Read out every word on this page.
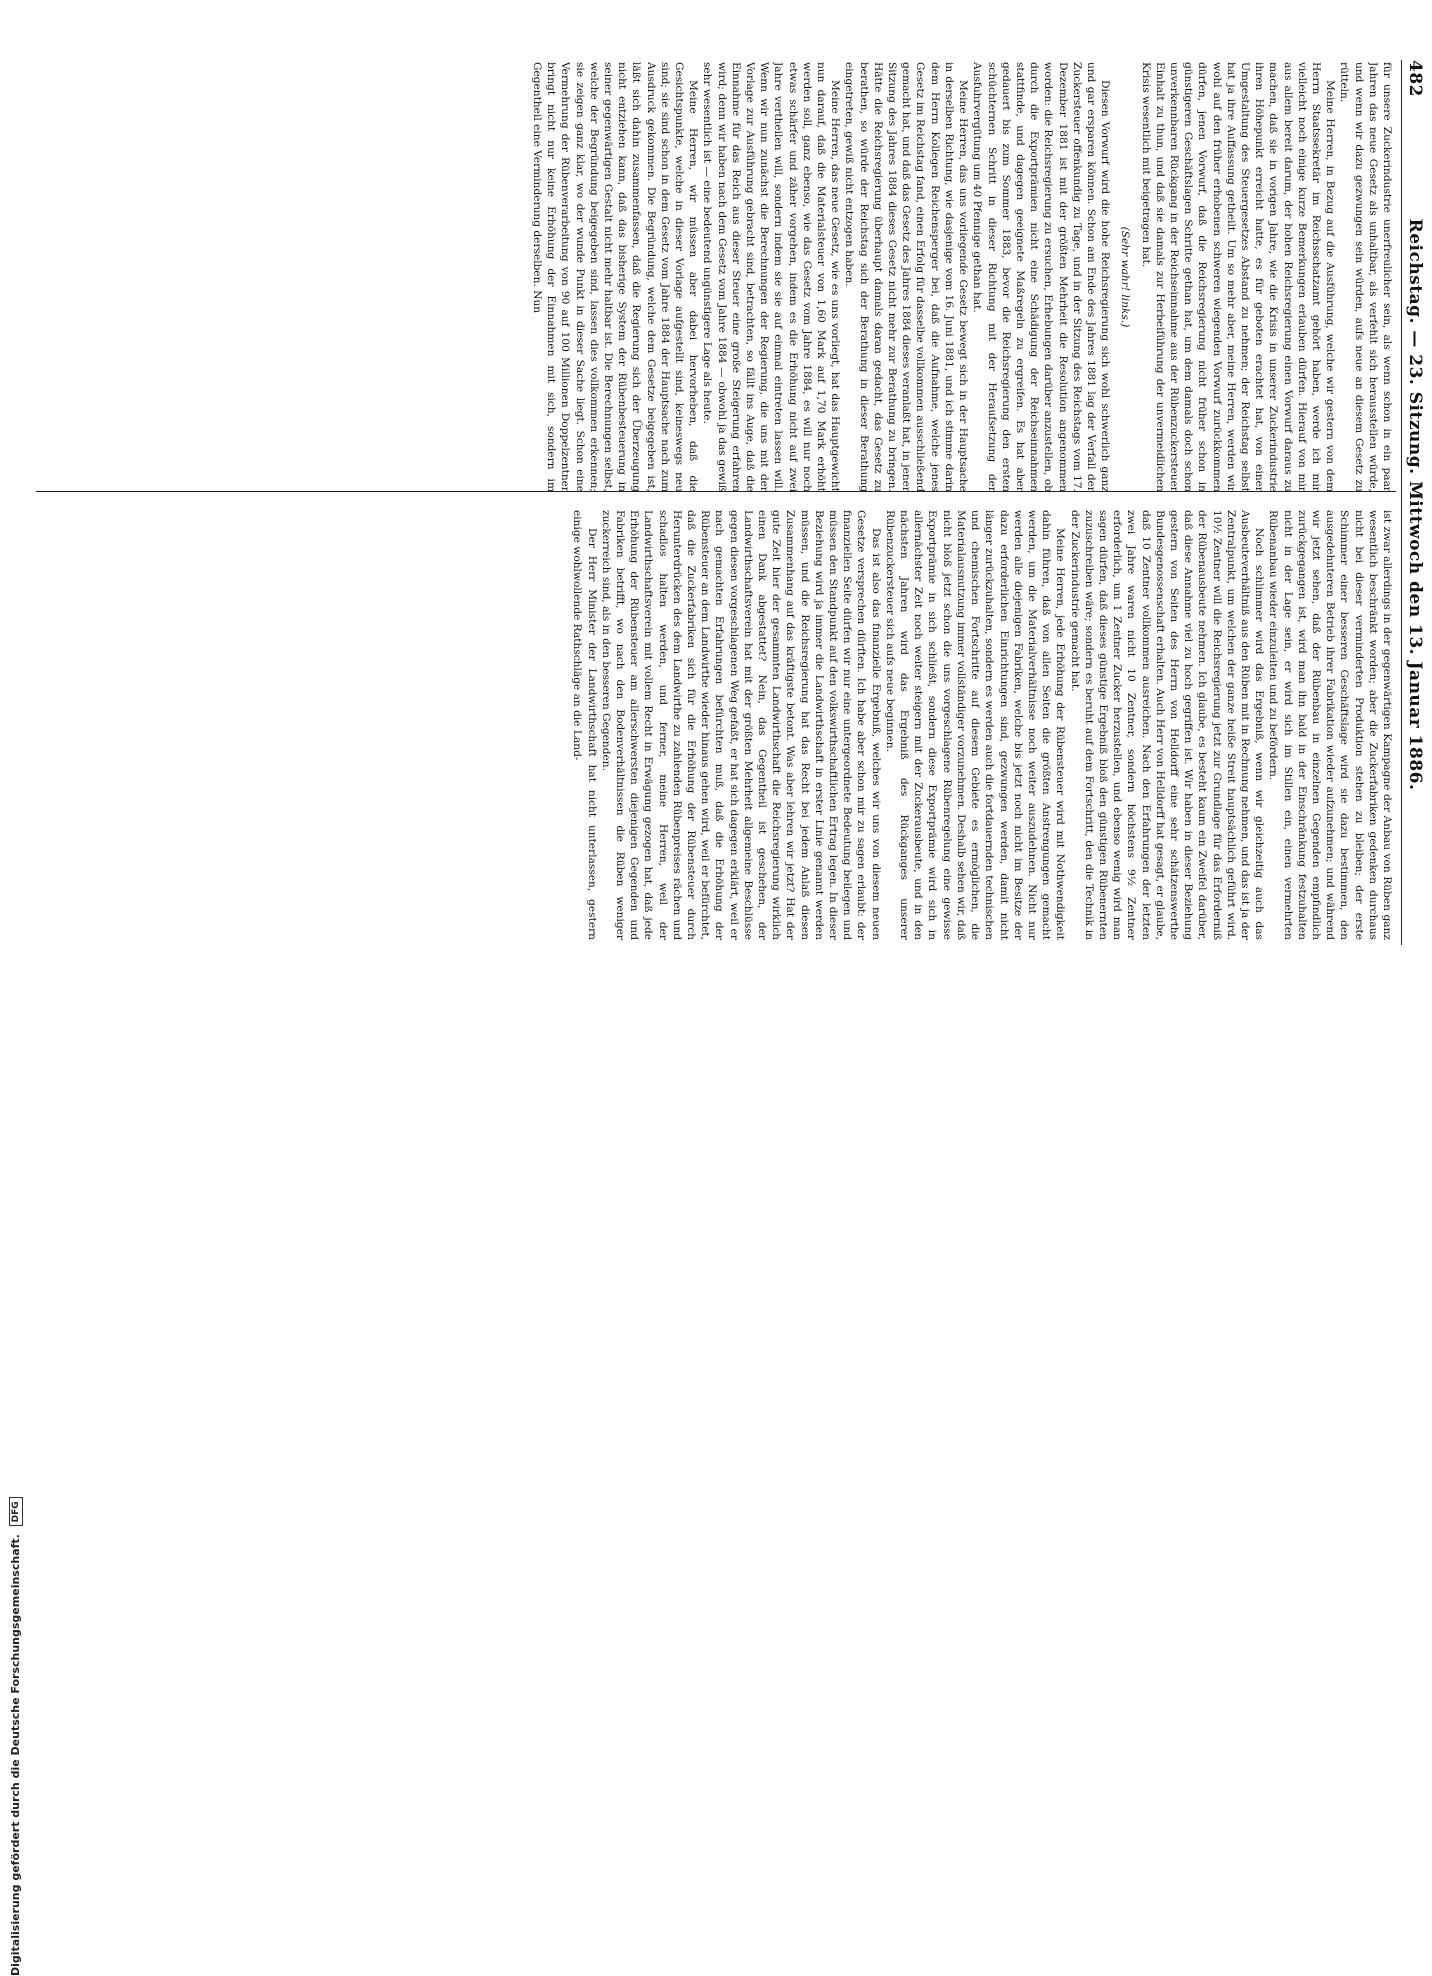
482
Reichstag. — 23. Sitzung. Mittwoch den 13. Januar 1886.

für unsere Zuckerindustrie unerfreulicher sein, als wenn schon in ein paar Jahren das neue Gesetz als unhaltbar, als verfehlt sich herausstellen würde, und wenn wir dazu gezwungen sein würden, aufs neue an diesem Gesetz zu rütteln.

Meine Herren, in Bezug auf die Ausführung, welche wir gestern von dem Herrn Staatssekretär im Reichsschatzamt gehört haben, werde ich mir vielleicht noch einige kurze Bemerkungen erlauben dürfen. Hierauf von mir aus allem bereit darum, der hohen Reichsregierung einen Vorwurf daraus zu machen, daß sie in vorigen Jahre, wie die Krisis in unserer Zuckerindustrie ihren Höhepunkt erreicht hatte, es für geboten erachtet hat, von einer Umgestaltung des Steuergesetzes Abstand zu nehmen; der Reichstag selbst hat ja ihre Auffassung getheilt. Um so mehr aber, meine Herren, werden wir wohl auf den früher erhobenen schweren wiegenden Vorwurf zurückkommen dürfen, jenen Vorwurf, daß die Reichsregierung nicht früher schon in günstigeren Geschäftslagen Schritte gethan hat, um dem damals doch schon unverkennbaren Rückgang in der Reichseinnahme aus der Rübenzuckersteuer Einhalt zu thun, und daß sie damals zur Herbeiführung der unvermeidlichen Krisis wesentlich mit beigetragen hat.

(Sehr wahr! links.)

Diesen Vorwurf wird die hohe Reichsregierung sich wohl schwerlich ganz und gar ersparen können. Schon am Ende des Jahres 1881 lag der Verfall der Zuckersteuer offenkundig zu Tage, und in der Sitzung des Reichstags vom 17. Dezember 1881 ist mit der größten Mehrheit die Resolution angenommen worden: die Reichsregierung zu ersuchen, Erhebungen darüber anzustellen, ob durch die Exportprämien nicht eine Schädigung der Reichseinnahmen stattfinde, und dagegen geeignete Maßregeln zu ergreifen. Es hat aber gedauert bis zum Sommer 1883, bevor die Reichsregierung den ersten schüchternen Schritt in dieser Richtung mit der Heraufsetzung der Ausfuhrvergütung um 40 Pfennige gethan hat.

Meine Herren, das uns vorliegende Gesetz bewegt sich in der Hauptsache in derselben Richtung, wie dasjenige vom 16. Juni 1881, und ich stimme darin dem Herrn Kollegen Reichensperger bei, daß die Aufnahme, welche jenes Gesetz im Reichstag fand, einen Erfolg für dasselbe vollkommen ausschließend gemacht hat, und daß das Gesetz des Jahres 1884 dieses veranlaßt hat, in jener Sitzung des Jahres 1884 dieses Gesetz nicht mehr zur Berathung zu bringen. Hätte die Reichsregierung überhaupt damals daran gedacht, das Gesetz zu berathen, so würde der Reichstag sich der Berathung in dieser Berathung eingetreten, gewiß nicht entzogen haben.

Meine Herren, das neue Gesetz, wie es uns vorliegt, hat das Hauptgewicht nun darauf, daß die Materialsteuer von 1,60 Mark auf 1,70 Mark erhöht werden soll, ganz ebenso, wie das Gesetz vom Jahre 1884, es will nur noch etwas schärfer und zäher vorgehen, indem es die Erhöhung nicht auf zwei Jahre vertheilen will, sondern indem sie sie auf einmal eintreten lassen will. Wenn wir nun zunächst die Berechnungen der Regierung, die uns mit der Vorlage zur Ausführung gebracht sind, betrachten, so fällt ins Auge, daß die Einnahme für das Reich aus dieser Steuer eine große Steigerung erfahren wird; denn wir haben nach dem Gesetz vom Jahre 1884 — obwohl ja das gewiß sehr wesentlich ist — eine bedeutend ungünstigere Lage als heute.

Meine Herren, wir müssen aber dabei hervorheben, daß die Gesichtspunkte, welche in dieser Vorlage aufgestellt sind, keineswegs neu sind; sie sind schon in dem Gesetz vom Jahre 1884 der Hauptsache nach zum Ausdruck gekommen. Die Begründung, welche dem Gesetze beigegeben ist, läßt sich dahin zusammenfassen, daß die Regierung sich der Überzeugung nicht entziehen kann, daß das bisherige System der Rübenbesteuerung in seiner gegenwärtigen Gestalt nicht mehr haltbar ist. Die Berechnungen selbst, welche der Begründung beigegeben sind, lassen dies vollkommen erkennen; sie zeigen ganz klar, wo der wunde Punkt in dieser Sache liegt. Schon eine Vermehrung der Rübenverarbeitung von 90 auf 100 Millionen Doppelzentner bringt nicht nur keine Erhöhung der Einnahmen mit sich, sondern im Gegentheil eine Verminderung derselben. Nun

ist zwar allerdings in der gegenwärtigen Kampagne der Anbau von Rüben ganz wesentlich beschränkt worden; aber die Zuckerfabriken gedenken durchaus nicht bei dieser verminderten Produktion stehen zu bleiben; der erste Schimmer einer besseren Geschäftslage wird sie dazu bestimmen, den ausgedehnteren Betrieb ihrer Fabrikation wieder aufzunehmen; und während wir jetzt sehen, daß der Rübenbau in einzelnen Gegenden empfindlich zurückgegangen ist, wird man ihn bald in der Einschränkung festzuhalten nicht in der Lage sein, er wird sich im Stillen ein, einen vermehrten Rübenanbau wieder einzuleiten und zu befördern.

Noch schlimmer wird das Ergebniß, wenn wir gleichzeitig auch das Ausbeuteverhältniß aus den Rüben mit in Rechnung nehmen, und das ist ja der Zentralpunkt, um welchen der ganze heiße Streit hauptsächlich geführt wird. 10½ Zentner will die Reichsregierung jetzt zur Grundlage für das Erforderniß der Rübenausbeute nehmen. Ich glaube, es besteht kaum ein Zweifel darüber, daß diese Annahme viel zu hoch gegriffen ist. Wir haben in dieser Beziehung gestern von Seiten des Herrn von Helldorff eine sehr schätzenswerthe Bundesgenossenschaft erhalten. Auch Herr von Helldorff hat gesagt, er glaube, daß 10 Zentner vollkommen ausreichen. Nach den Erfahrungen der letzten zwei Jahre waren nicht 10 Zentner, sondern höchstens 9½ Zentner erforderlich, um 1 Zentner Zucker herzustellen, und ebenso wenig wird man sagen dürfen, daß dieses günstige Ergebniß bloß den günstigen Rübenernten zuzuschreiben wäre; sondern es beruht auf dem Fortschritt, den die Technik in der Zuckerindustrie gemacht hat.

Meine Herren, jede Erhöhung der Rübensteuer wird mit Nothwendigkeit dahin führen, daß von allen Seiten die größten Anstrengungen gemacht werden, um die Materialverhältnisse noch weiter auszudehnen. Nicht nur werden alle diejenigen Fabriken, welche bis jetzt noch nicht im Besitze der dazu erforderlichen Einrichtungen sind, gezwungen werden, damit nicht länger zurückzuhalten, sondern es werden auch die fortdauernden technischen und chemischen Fortschritte auf diesem Gebiete es ermöglichen, die Materialausnutzung immer vollständiger vorzunehmen. Deshalb sehen wir, daß nicht bloß jetzt schon die uns vorgeschlagene Rübenregelung eine gewisse Exportprämie in sich schließt, sondern diese Exportprämie wird sich in allernächster Zeit noch weiter steigern mit der Zuckerausbeute, und in den nächsten Jahren wird das Ergebniß des Rückganges unserer Rübenzuckersteuer sich aufs neue beginnen.

Das ist also das finanzielle Ergebniß, welches wir uns von diesem neuen Gesetze versprechen dürften. Ich habe aber schon mir zu sagen erlaubt: der finanziellen Seite dürfen wir nur eine untergeordnete Bedeutung beilegen und müssen den Standpunkt auf den volkswirthschaftlichen Ertrag legen. In dieser Beziehung wird ja immer die Landwirthschaft in erster Linie genannt werden müssen, und die Reichsregierung hat das Recht bei jedem Anlaß diesen Zusammenhang auf das kräftigste betont. Was aber lehren wir jetzt? Hat der gute Zeit hier der gesammten Landwirthschaft die Reichsregierung wirklich einen Dank abgestattet? Nein, das Gegentheil ist geschehen, der Landwirthschaftsverein hat mit der größten Mehrheit allgemeine Beschlüsse gegen diesen vorgeschlagenen Weg gefaßt, er hat sich dagegen erklärt, weil er nach gemachten Erfahrungen befürchten muß, daß die Erhöhung der Rübensteuer an dem Landwirthe wieder hinaus gehen wird, weil er befürchtet, daß die Zuckerfabriken sich für die Erhöhung der Rübensteuer durch Herunterdrücken des dem Landwirthe zu zahlenden Rübenpreises rächen und schadlos halten werden, und ferner, meine Herren, weil der Landwirthschaftsverein mit vollem Recht in Erwägung gezogen hat, daß jede Erhöhung der Rübensteuer am allerschwersten diejenigen Gegenden und Fabriken betrifft, wo nach den Bodenverhältnissen die Rüben weniger zuckerreich sind, als in den besseren Gegenden.

Der Herr Minister der Landwirthschaft hat nicht unterlassen, gestern einige wohlwollende Rathschläge an die Land-

Digitalisierung gefördert durch die Deutsche Forschungsgemeinschaft. DFG
